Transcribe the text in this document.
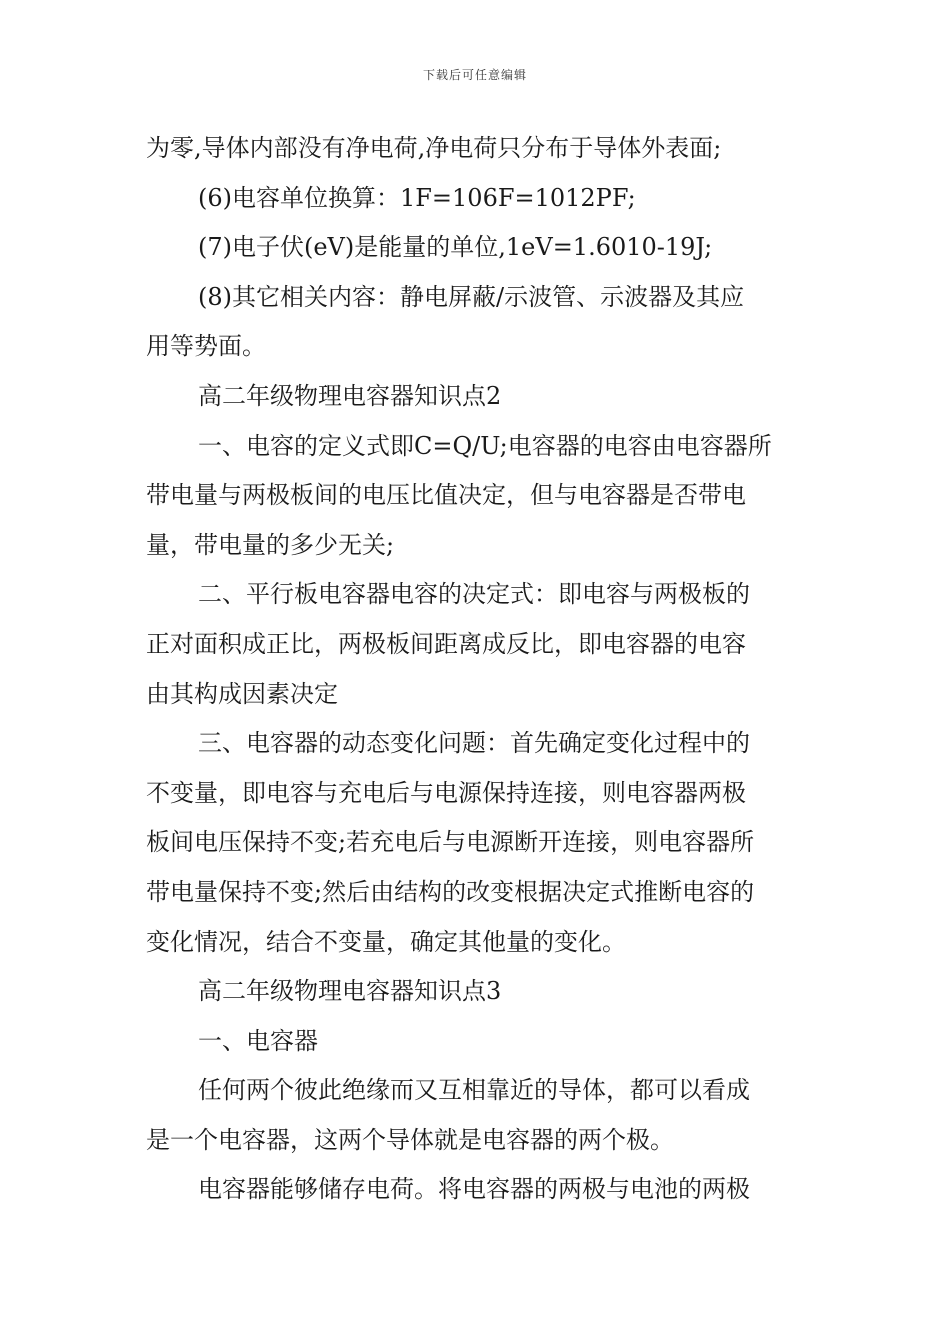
下载后可任意编辑

为零,导体内部没有净电荷,净电荷只分布于导体外表面;

(6)电容单位换算：1F=106F=1012PF;

(7)电子伏(eV)是能量的单位,1eV=1.6010-19J;

(8)其它相关内容：静电屏蔽/示波管、示波器及其应

用等势面。

高二年级物理电容器知识点2

一、电容的定义式即C=Q/U;电容器的电容由电容器所

带电量与两极板间的电压比值决定，但与电容器是否带电

量，带电量的多少无关;

二、平行板电容器电容的决定式：即电容与两极板的

正对面积成正比，两极板间距离成反比，即电容器的电容

由其构成因素决定

三、电容器的动态变化问题：首先确定变化过程中的

不变量，即电容与充电后与电源保持连接，则电容器两极

板间电压保持不变;若充电后与电源断开连接，则电容器所

带电量保持不变;然后由结构的改变根据决定式推断电容的

变化情况，结合不变量，确定其他量的变化。

高二年级物理电容器知识点3

一、电容器

任何两个彼此绝缘而又互相靠近的导体，都可以看成

是一个电容器，这两个导体就是电容器的两个极。

电容器能够储存电荷。将电容器的两极与电池的两极
